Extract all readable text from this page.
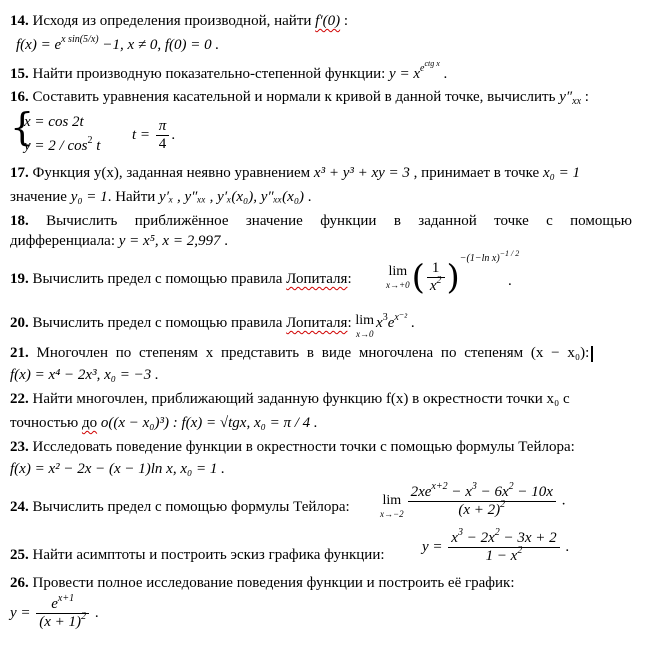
14. Исходя из определения производной, найти f′(0) :
$f(x) = e^{x sin(5/x)} -1$, x ≠ 0, f(0) = 0 .
15. Найти производную показательно-степенной функции: $y = x^{e^{ctg x}}$ .
16. Составить уравнения касательной и нормали к кривой в данной точке, вычислить $y''_{xx}$ :
{
x = cos 2t
$y = 2 / \cos^2 t$
$t = \frac{\pi}{4}$ .
17. Функция y(x), заданная неявно уравнением x³ + y³ + xy = 3 , принимает в точке x₀ = 1
значение y₀ = 1. Найти y′ₓ , y″ₓₓ , y′ₓ(x₀), y″ₓₓ(x₀) .
18. Вычислить приближённое значение функции в заданной точке с помощью
дифференциала: y = x⁵, x = 2,997 .
19. Вычислить предел с помощью правила Лопиталя:	lim
x→+0 ( $\frac{1}{x^2} )^{-(1-ln x)^{-1 / 2}}$
.
20. Вычислить предел с помощью правила Лопиталя: lim
x→0
$x^3e^{x^{-2}}$ .
21. Многочлен по степеням x представить в виде многочлена по степеням (x − x₀):
f(x) = x⁴ − 2x³, x₀ = −3 .
22. Найти многочлен, приближающий заданную функцию f(x) в окрестности точки x₀ с
точностью до o((x − x₀)³) : f(x) = √tgx, x₀ = π / 4 .
23. Исследовать поведение функции в окрестности точки с помощью формулы Тейлора:
f(x) = x² − 2x − (x − 1)ln x, x₀ = 1 .
24. Вычислить предел с помощью формулы Тейлора: lim
$x\to-2 \frac{2xe^{x+2} - x^3 - 6x^2 - 10x}{(x + 2)^2}$ .
25. Найти асимптоты и построить эскиз графика функции:
$y = \frac{x^3 - 2x^2 - 3x + 2}{1 - x^2}$ .
26. Провести полное исследование поведения функции и построить её график:
$y = \frac{e^{x+1}}{(x + 1)^2}$ .
